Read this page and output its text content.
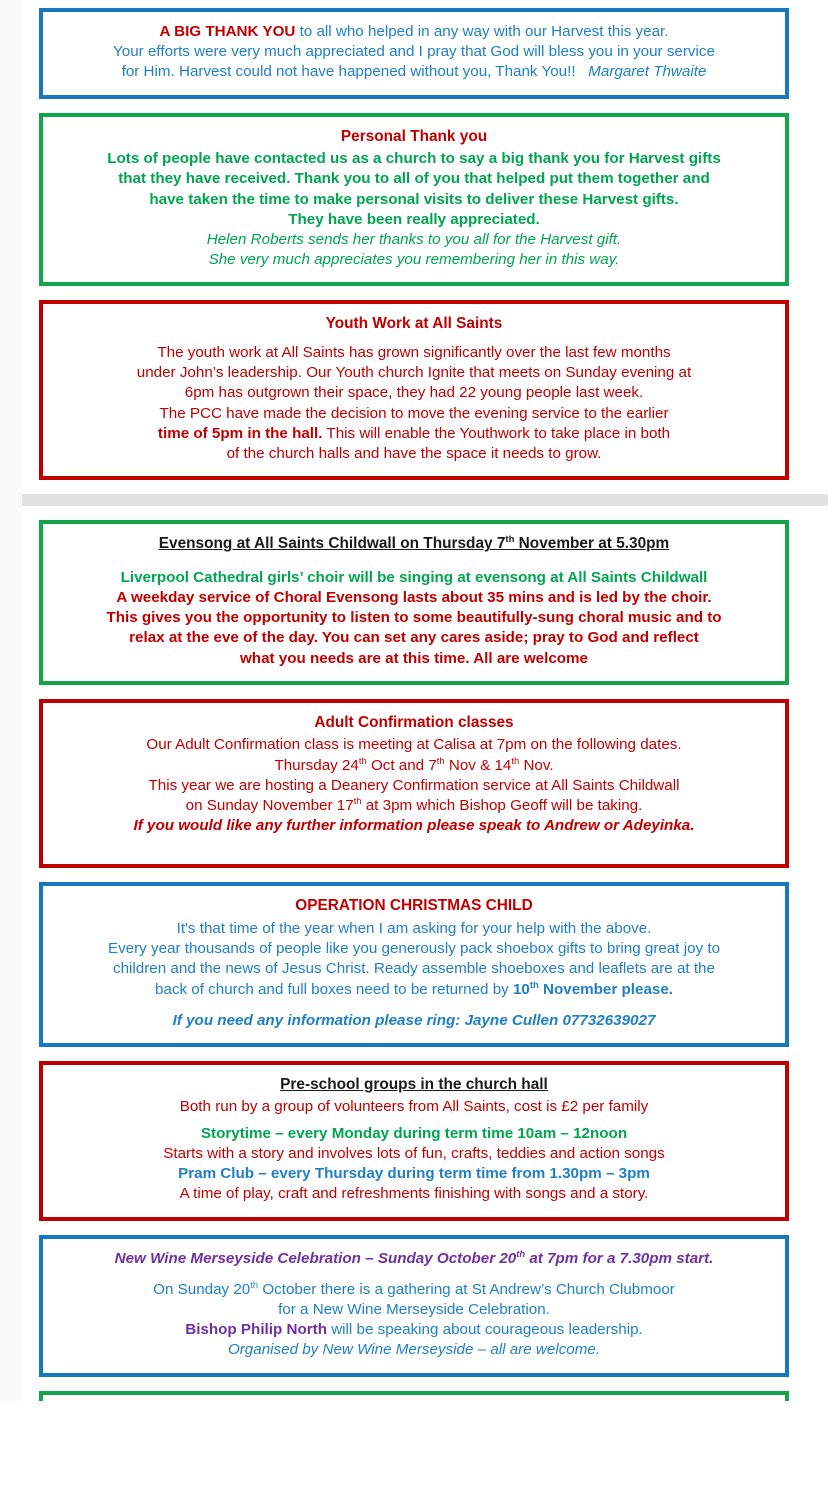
A BIG THANK YOU to all who helped in any way with our Harvest this year.

Your efforts were very much appreciated and I pray that God will bless you in your service

for Him. Harvest could not have happened without you, Thank You!! Margaret Thwaite

Personal Thank you

Lots of people have contacted us as a church to say a big thank you for Harvest gifts

that they have received. Thank you to all of you that helped put them together and

have taken the time to make personal visits to deliver these Harvest gifts.

They have been really appreciated.

Helen Roberts sends her thanks to you all for the Harvest gift.

She very much appreciates you remembering her in this way.

Youth Work at All Saints

The youth work at All Saints has grown significantly over the last few months

under John’s leadership. Our Youth church Ignite that meets on Sunday evening at

6pm has outgrown their space, they had 22 young people last week.

The PCC have made the decision to move the evening service to the earlier

time of 5pm in the hall. This will enable the Youthwork to take place in both

of the church halls and have the space it needs to grow.

Evensong at All Saints Childwall on Thursday 7th November at 5.30pm

Liverpool Cathedral girls’ choir will be singing at evensong at All Saints Childwall

A weekday service of Choral Evensong lasts about 35 mins and is led by the choir.

This gives you the opportunity to listen to some beautifully-sung choral music and to

relax at the eve of the day. You can set any cares aside; pray to God and reflect

what you needs are at this time. All are welcome

Adult Confirmation classes

Our Adult Confirmation class is meeting at Calisa at 7pm on the following dates.

Thursday 24th Oct and 7th Nov & 14th Nov.

This year we are hosting a Deanery Confirmation service at All Saints Childwall

on Sunday November 17th at 3pm which Bishop Geoff will be taking.

If you would like any further information please speak to Andrew or Adeyinka.

OPERATION CHRISTMAS CHILD

It's that time of the year when I am asking for your help with the above.

Every year thousands of people like you generously pack shoebox gifts to bring great joy to

children and the news of Jesus Christ. Ready assemble shoeboxes and leaflets are at the

back of church and full boxes need to be returned by 10th November please.

If you need any information please ring: Jayne Cullen 07732639027

Pre-school groups in the church hall

Both run by a group of volunteers from All Saints, cost is £2 per family

Storytime – every Monday during term time 10am – 12noon

Starts with a story and involves lots of fun, crafts, teddies and action songs

Pram Club – every Thursday during term time from 1.30pm – 3pm

A time of play, craft and refreshments finishing with songs and a story.

New Wine Merseyside Celebration – Sunday October 20th at 7pm for a 7.30pm start.

On Sunday 20th October there is a gathering at St Andrew’s Church Clubmoor

for a New Wine Merseyside Celebration.

Bishop Philip North will be speaking about courageous leadership.

Organised by New Wine Merseyside – all are welcome.
